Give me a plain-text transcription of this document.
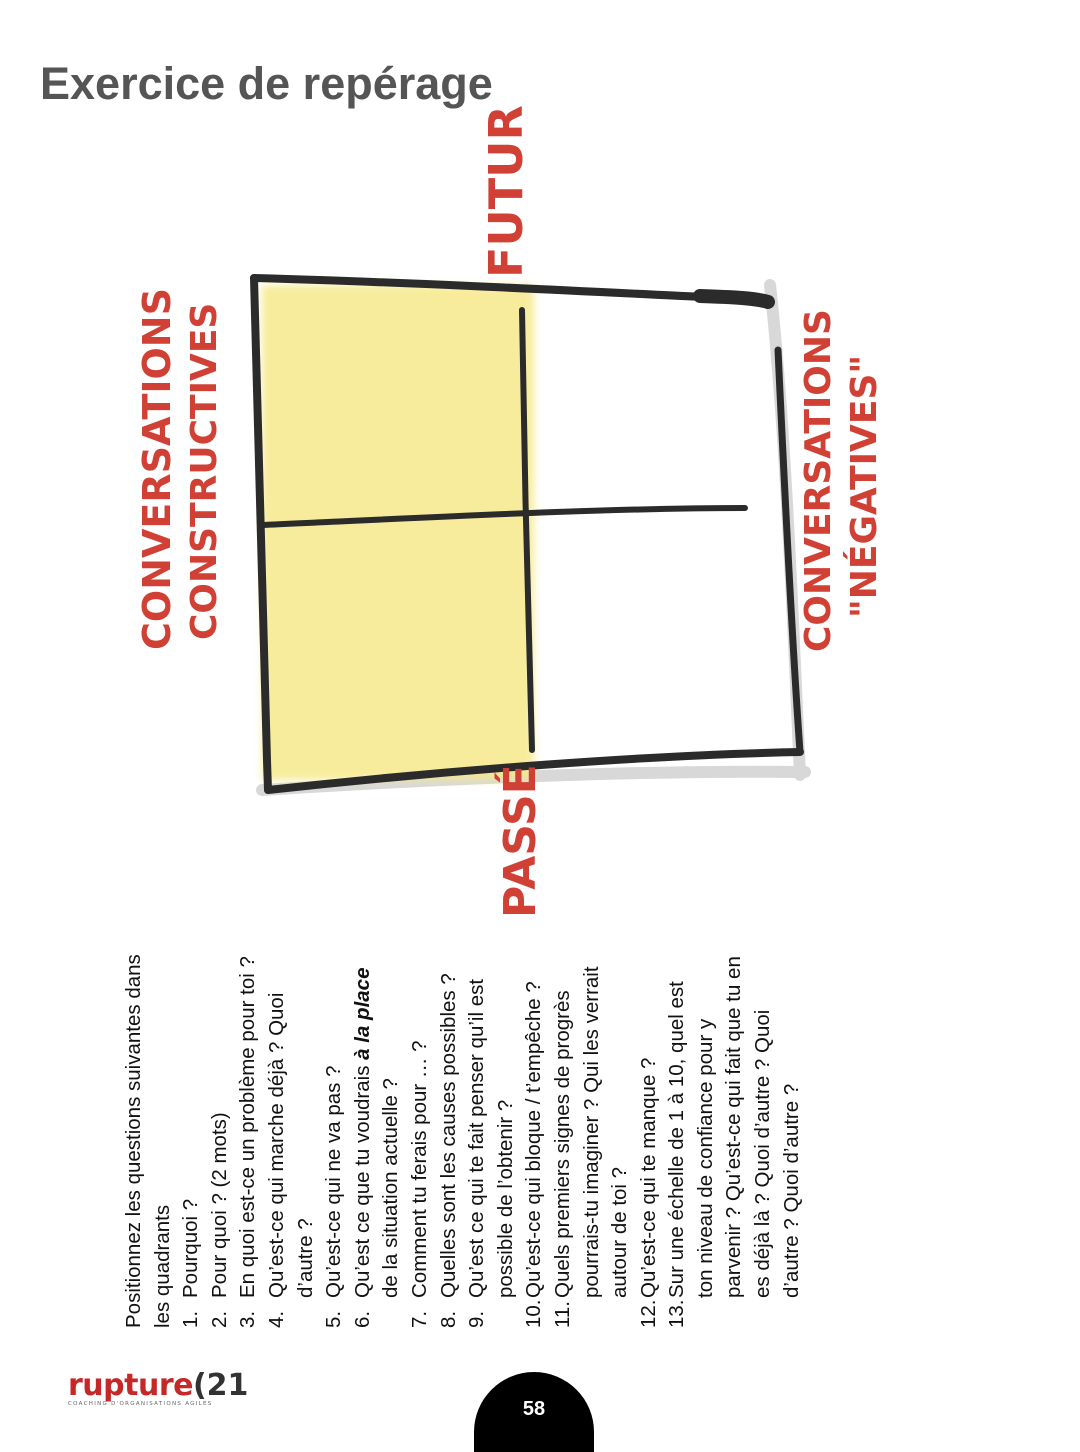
Exercice de repérage
FUTUR
PASSÉ
CONVERSATIONS CONSTRUCTIVES	CONVERSATIONS "NÉGATIVES"

Positionnez les questions suivantes dans les quadrants 1.
Pourquoi ?
2.
Pour quoi ? (2 mots)
3.
En quoi est-ce un problème pour toi ?
4.
Qu’est-ce qui marche déjà ? Quoi d’autre ?
5.
Qu’est-ce qui ne va pas ?
6.
Qu’est ce que tu voudrais à la place de la situation actuelle ?
7.
Comment tu ferais pour … ?
8.
Quelles sont les causes possibles ?
9.
Qu’est ce qui te fait penser qu’il est possible de l’obtenir ?
10.
Qu’est-ce qui bloque / t’empêche ?
11.
Quels premiers signes de progrès pourrais-tu imaginer ? Qui les verrait autour de toi ?
12.
Qu’est-ce qui te manque ?
13.
Sur une échelle de 1 à 10, quel est ton niveau de confiance pour y parvenir ? Qu’est-ce qui fait que tu en es déjà là ? Quoi d’autre ? Quoi d’autre ? Quoi d’autre ?
rupture(21
COACHING D'ORGANISATIONS AGILES	58
